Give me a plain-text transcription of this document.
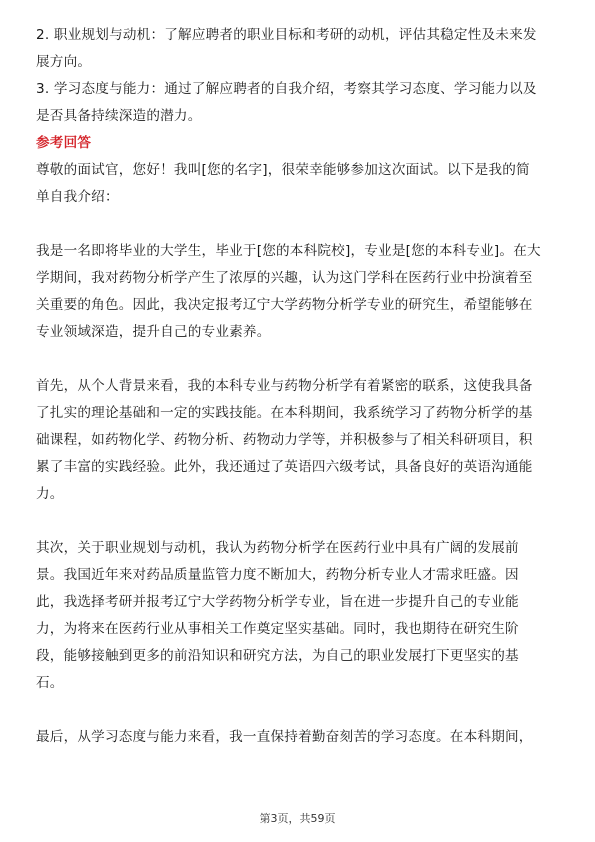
2. 职业规划与动机：了解应聘者的职业目标和考研的动机，评估其稳定性及未来发
展方向。
3. 学习态度与能力：通过了解应聘者的自我介绍，考察其学习态度、学习能力以及
是否具备持续深造的潜力。
参考回答
尊敬的面试官，您好！我叫[您的名字]，很荣幸能够参加这次面试。以下是我的简
单自我介绍：
我是一名即将毕业的大学生，毕业于[您的本科院校]，专业是[您的本科专业]。在大
学期间，我对药物分析学产生了浓厚的兴趣，认为这门学科在医药行业中扮演着至
关重要的角色。因此，我决定报考辽宁大学药物分析学专业的研究生，希望能够在
专业领域深造，提升自己的专业素养。
首先，从个人背景来看，我的本科专业与药物分析学有着紧密的联系，这使我具备
了扎实的理论基础和一定的实践技能。在本科期间，我系统学习了药物分析学的基
础课程，如药物化学、药物分析、药物动力学等，并积极参与了相关科研项目，积
累了丰富的实践经验。此外，我还通过了英语四六级考试，具备良好的英语沟通能
力。
其次，关于职业规划与动机，我认为药物分析学在医药行业中具有广阔的发展前
景。我国近年来对药品质量监管力度不断加大，药物分析专业人才需求旺盛。因
此，我选择考研并报考辽宁大学药物分析学专业，旨在进一步提升自己的专业能
力，为将来在医药行业从事相关工作奠定坚实基础。同时，我也期待在研究生阶
段，能够接触到更多的前沿知识和研究方法，为自己的职业发展打下更坚实的基
石。
最后，从学习态度与能力来看，我一直保持着勤奋刻苦的学习态度。在本科期间，
第3页，共59页
